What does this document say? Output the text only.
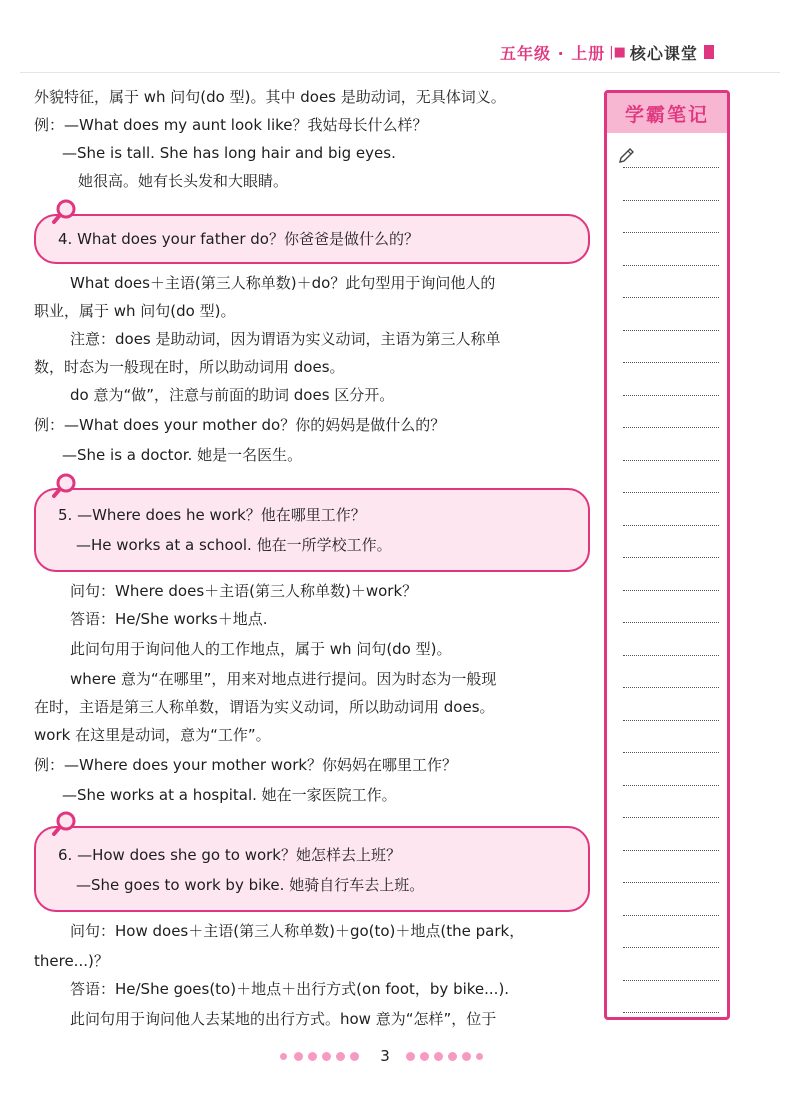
五年级 · 上册 |■ 核心课堂
外貌特征，属于 wh 问句(do 型)。其中 does 是助动词，无具体词义。
例：—What does my aunt look like？我姑母长什么样？
—She is tall. She has long hair and big eyes.
她很高。她有长头发和大眼睛。
4. What does your father do？你爸爸是做什么的？
What does＋主语(第三人称单数)＋do？此句型用于询问他人的
职业，属于 wh 问句(do 型)。
注意：does 是助动词，因为谓语为实义动词，主语为第三人称单
数，时态为一般现在时，所以助动词用 does。
do 意为“做”，注意与前面的助词 does 区分开。
例：—What does your mother do？你的妈妈是做什么的？
—She is a doctor. 她是一名医生。
5. —Where does he work？他在哪里工作？
—He works at a school. 他在一所学校工作。
问句：Where does＋主语(第三人称单数)＋work？
答语：He/She works＋地点.
此问句用于询问他人的工作地点，属于 wh 问句(do 型)。
where 意为“在哪里”，用来对地点进行提问。因为时态为一般现
在时，主语是第三人称单数，谓语为实义动词，所以助动词用 does。
work 在这里是动词，意为“工作”。
例：—Where does your mother work？你妈妈在哪里工作？
—She works at a hospital. 她在一家医院工作。
6. —How does she go to work？她怎样去上班？
—She goes to work by bike. 她骑自行车去上班。
问句：How does＋主语(第三人称单数)＋go(to)＋地点(the park，
there...)？
答语：He/She goes(to)＋地点＋出行方式(on foot，by bike...).
此问句用于询问他人去某地的出行方式。how 意为“怎样”，位于
学霸笔记
3
